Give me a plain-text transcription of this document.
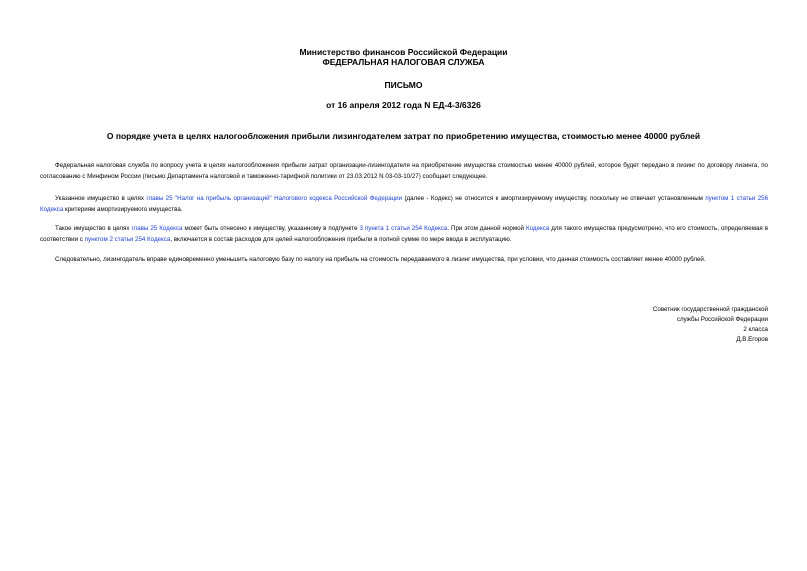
Министерство финансов Российской Федерации
ФЕДЕРАЛЬНАЯ НАЛОГОВАЯ СЛУЖБА
ПИСЬМО
от 16 апреля 2012 года N ЕД-4-3/6326
О порядке учета в целях налогообложения прибыли лизингодателем затрат по приобретению имущества, стоимостью менее 40000 рублей

Федеральная налоговая служба по вопросу учета в целях налогообложения прибыли затрат организации-лизингодателя на приобретение имущества стоимостью менее 40000 рублей, которое будет передано в лизинг по договору лизинга, по согласованию с Минфином России (письмо Департамента налоговой и таможенно-тарифной политики от 23.03.2012 N 03-03-10/27) сообщает следующее.

Указанное имущество в целях главы 25 "Налог на прибыль организаций" Налогового кодекса Российской Федерации (далее - Кодекс) не относится к амортизируемому имуществу, поскольку не отвечает установленным пунктом 1 статьи 256 Кодекса критериям амортизируемого имущества.

Такое имущество в целях главы 25 Кодекса может быть отнесено к имуществу, указанному в подпункте 3 пункта 1 статьи 254 Кодекса. При этом данной нормой Кодекса для такого имущества предусмотрено, что его стоимость, определяемая в соответствии с пунктом 2 статьи 254 Кодекса, включается в состав расходов для целей налогообложения прибыли в полной сумме по мере ввода в эксплуатацию.

Следовательно, лизингодатель вправе единовременно уменьшить налоговую базу по налогу на прибыль на стоимость передаваемого в лизинг имущества, при условии, что данная стоимость составляет менее 40000 рублей.

Советник государственной гражданской
службы Российской Федерации
2 класса
Д.В.Егоров
